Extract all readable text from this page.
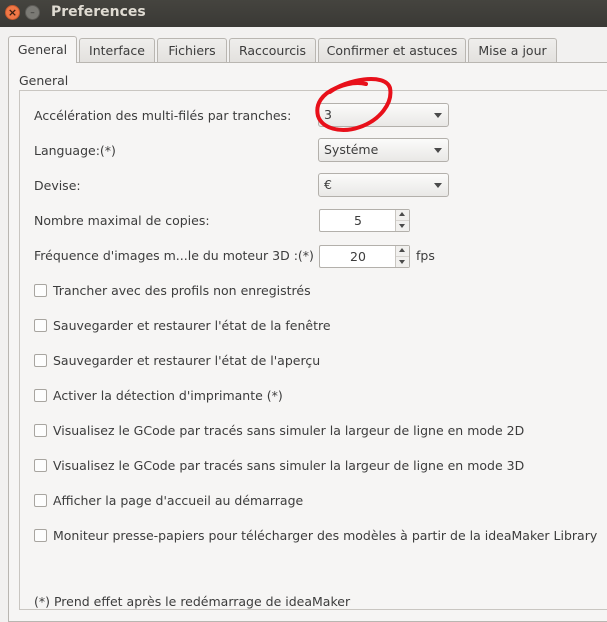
×	–	Preferences
General	Interface	Fichiers	Raccourcis	Confirmer et astuces	Mise a jour
General
Accélération des multi-filés par tranches:	3
Language:(*)	Systéme
Devise:	€
Nombre maximal de copies:	5
Fréquence d'images m...le du moteur 3D :(*)	20	fps
Trancher avec des profils non enregistrés
Sauvegarder et restaurer l'état de la fenêtre
Sauvegarder et restaurer l'état de l'aperçu
Activer la détection d'imprimante (*)
Visualisez le GCode par tracés sans simuler la largeur de ligne en mode 2D
Visualisez le GCode par tracés sans simuler la largeur de ligne en mode 3D
Afficher la page d'accueil au démarrage
Moniteur presse-papiers pour télécharger des modèles à partir de la ideaMaker Library
(*) Prend effet après le redémarrage de ideaMaker
